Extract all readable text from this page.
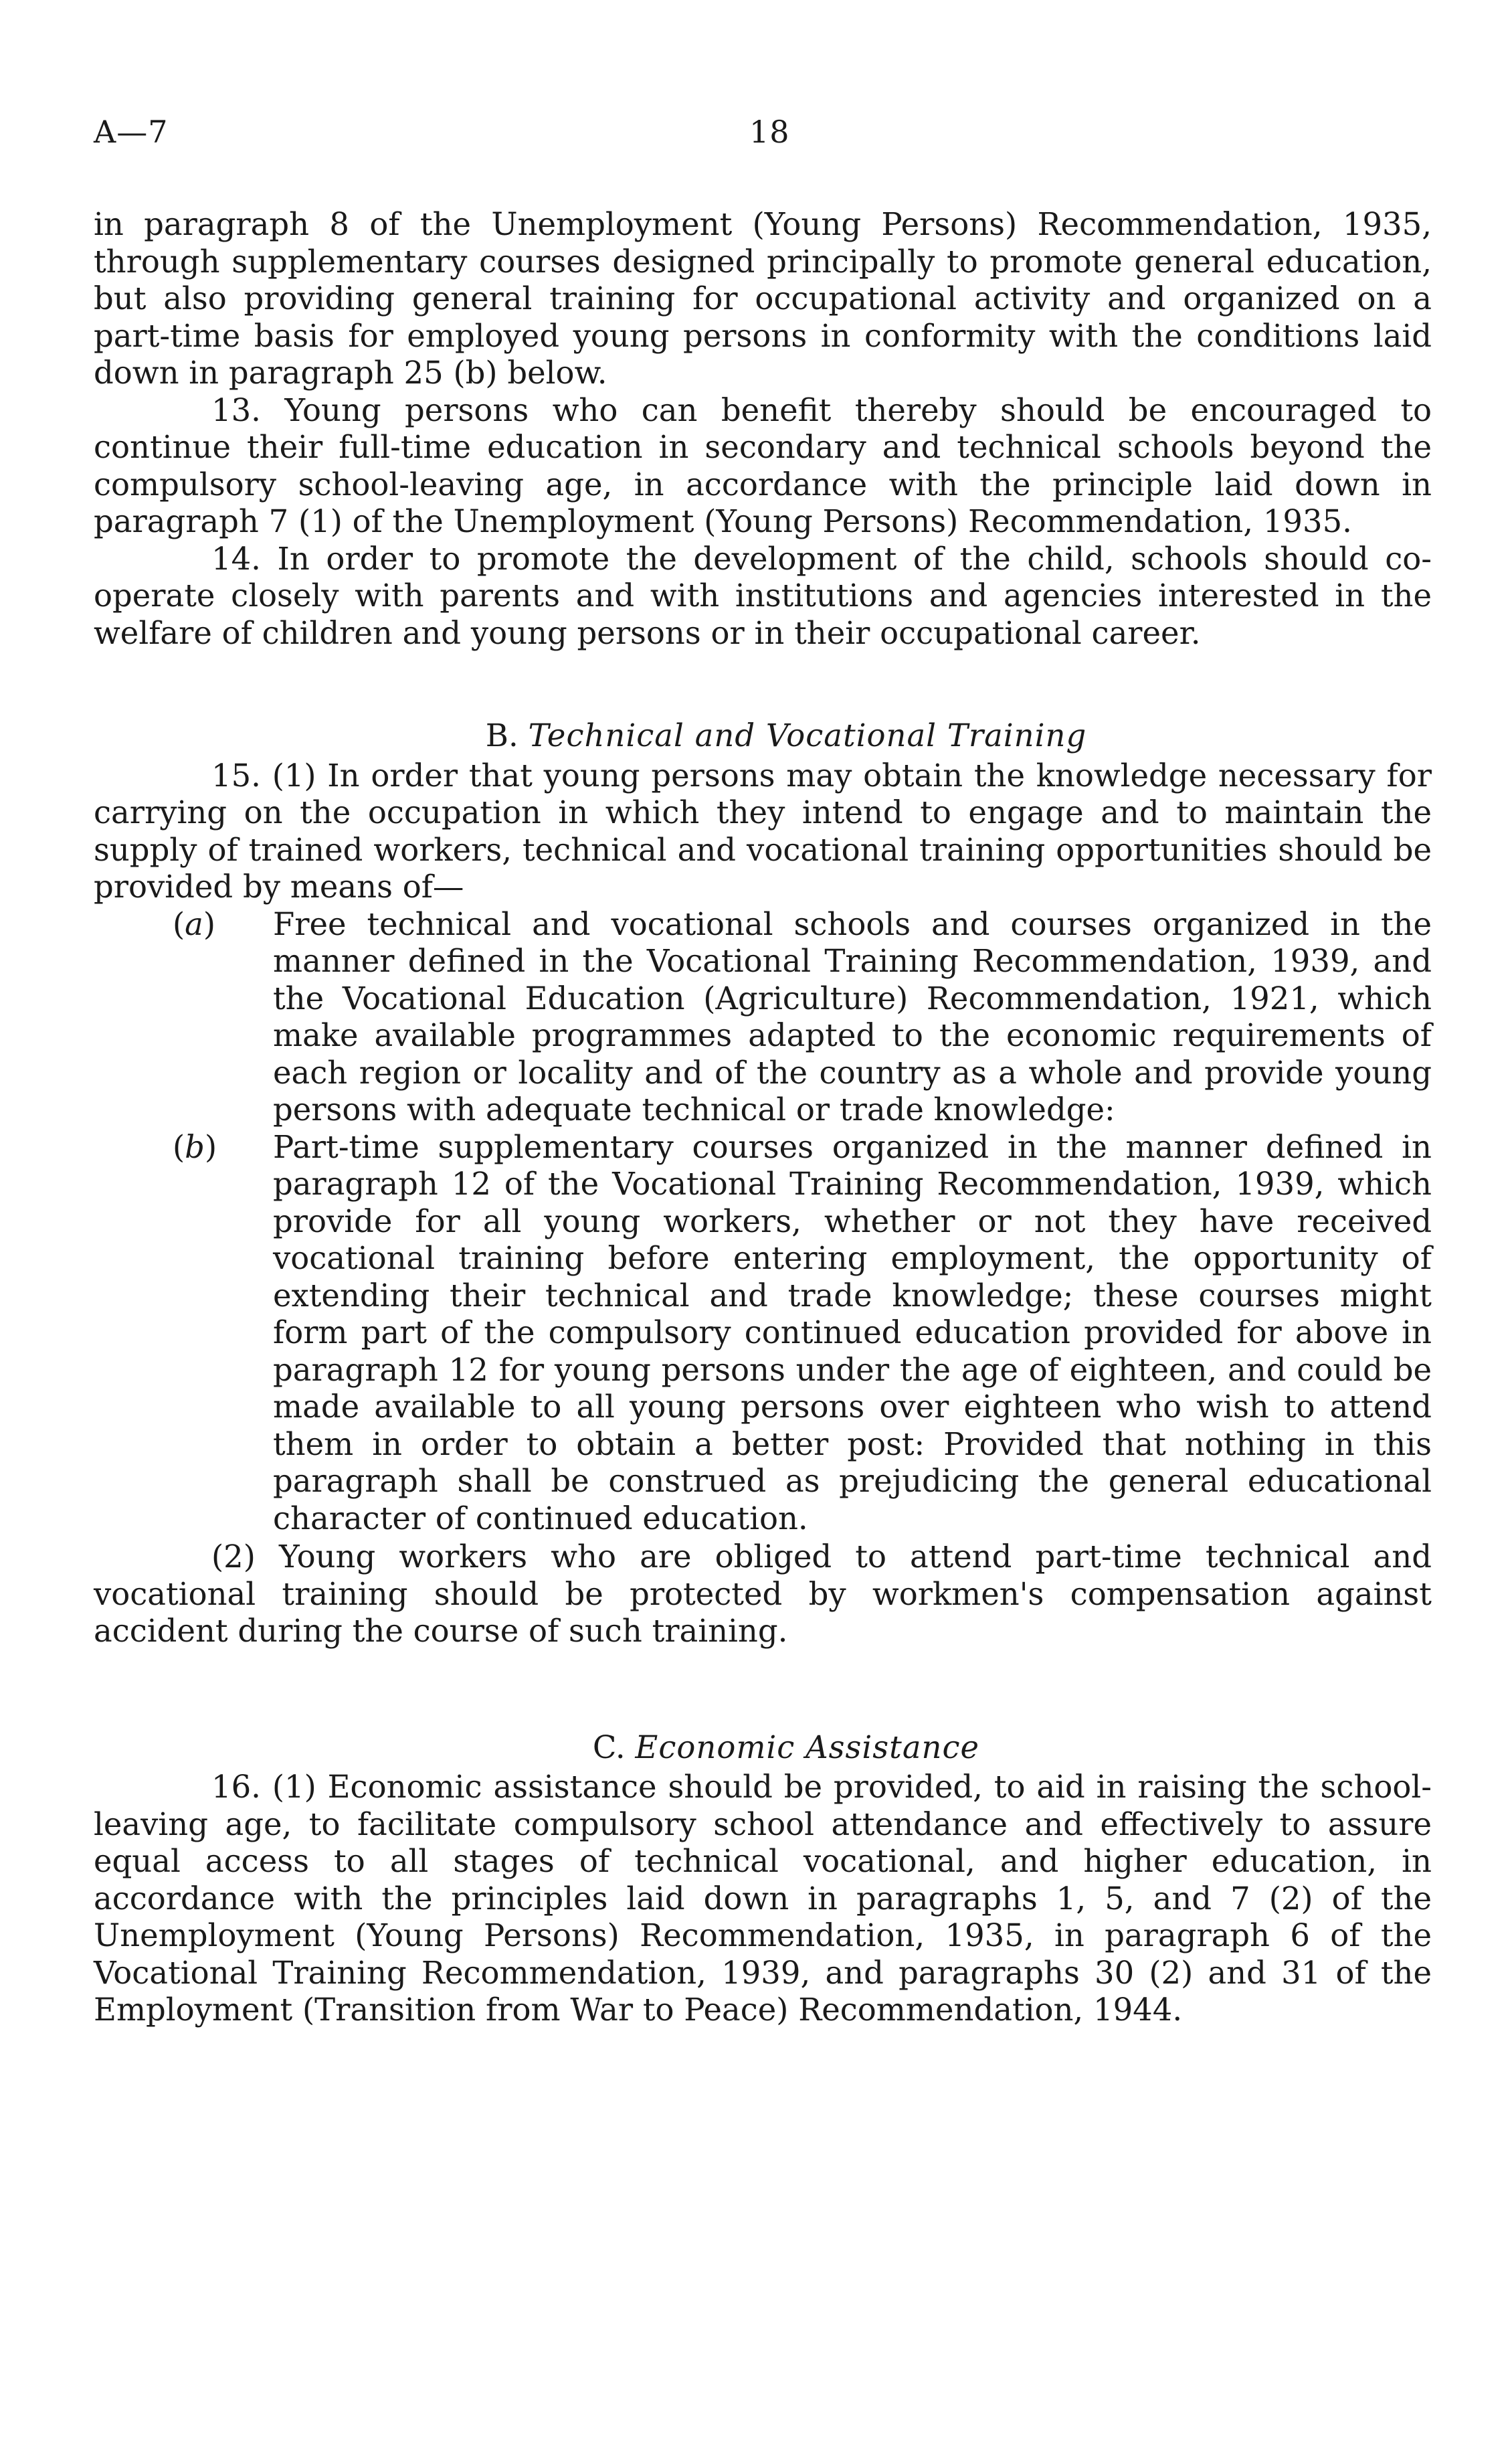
A—7	18

in paragraph 8 of the Unemployment (Young Persons) Recommendation, 1935, through supplementary courses designed principally to promote general education, but also providing general training for occupational activity and organized on a part-time basis for employed young persons in conformity with the conditions laid down in paragraph 25 (b) below.

13. Young persons who can benefit thereby should be encouraged to continue their full-time education in secondary and technical schools beyond the compulsory school-leaving age, in accordance with the principle laid down in paragraph 7 (1) of the Unemployment (Young Persons) Recommendation, 1935.

14. In order to promote the development of the child, schools should co-operate closely with parents and with institutions and agencies interested in the welfare of children and young persons or in their occupational career.

B. Technical and Vocational Training

15. (1) In order that young persons may obtain the knowledge necessary for carrying on the occupation in which they intend to engage and to maintain the supply of trained workers, technical and vocational training opportunities should be provided by means of—

(a) Free technical and vocational schools and courses organized in the manner defined in the Vocational Training Recommendation, 1939, and the Vocational Education (Agriculture) Recommendation, 1921, which make available programmes adapted to the economic requirements of each region or locality and of the country as a whole and provide young persons with adequate technical or trade knowledge:
(b) Part-time supplementary courses organized in the manner defined in paragraph 12 of the Vocational Training Recommendation, 1939, which provide for all young workers, whether or not they have received vocational training before entering employment, the opportunity of extending their technical and trade knowledge; these courses might form part of the compulsory continued education provided for above in paragraph 12 for young persons under the age of eighteen, and could be made available to all young persons over eighteen who wish to attend them in order to obtain a better post: Provided that nothing in this paragraph shall be construed as prejudicing the general educational character of continued education.

(2) Young workers who are obliged to attend part-time technical and vocational training should be protected by workmen's compensation against accident during the course of such training.

C. Economic Assistance

16. (1) Economic assistance should be provided, to aid in raising the school-leaving age, to facilitate compulsory school attendance and effectively to assure equal access to all stages of technical vocational, and higher education, in accordance with the principles laid down in paragraphs 1, 5, and 7 (2) of the Unemployment (Young Persons) Recommendation, 1935, in paragraph 6 of the Vocational Training Recommendation, 1939, and paragraphs 30 (2) and 31 of the Employment (Transition from War to Peace) Recommendation, 1944.
